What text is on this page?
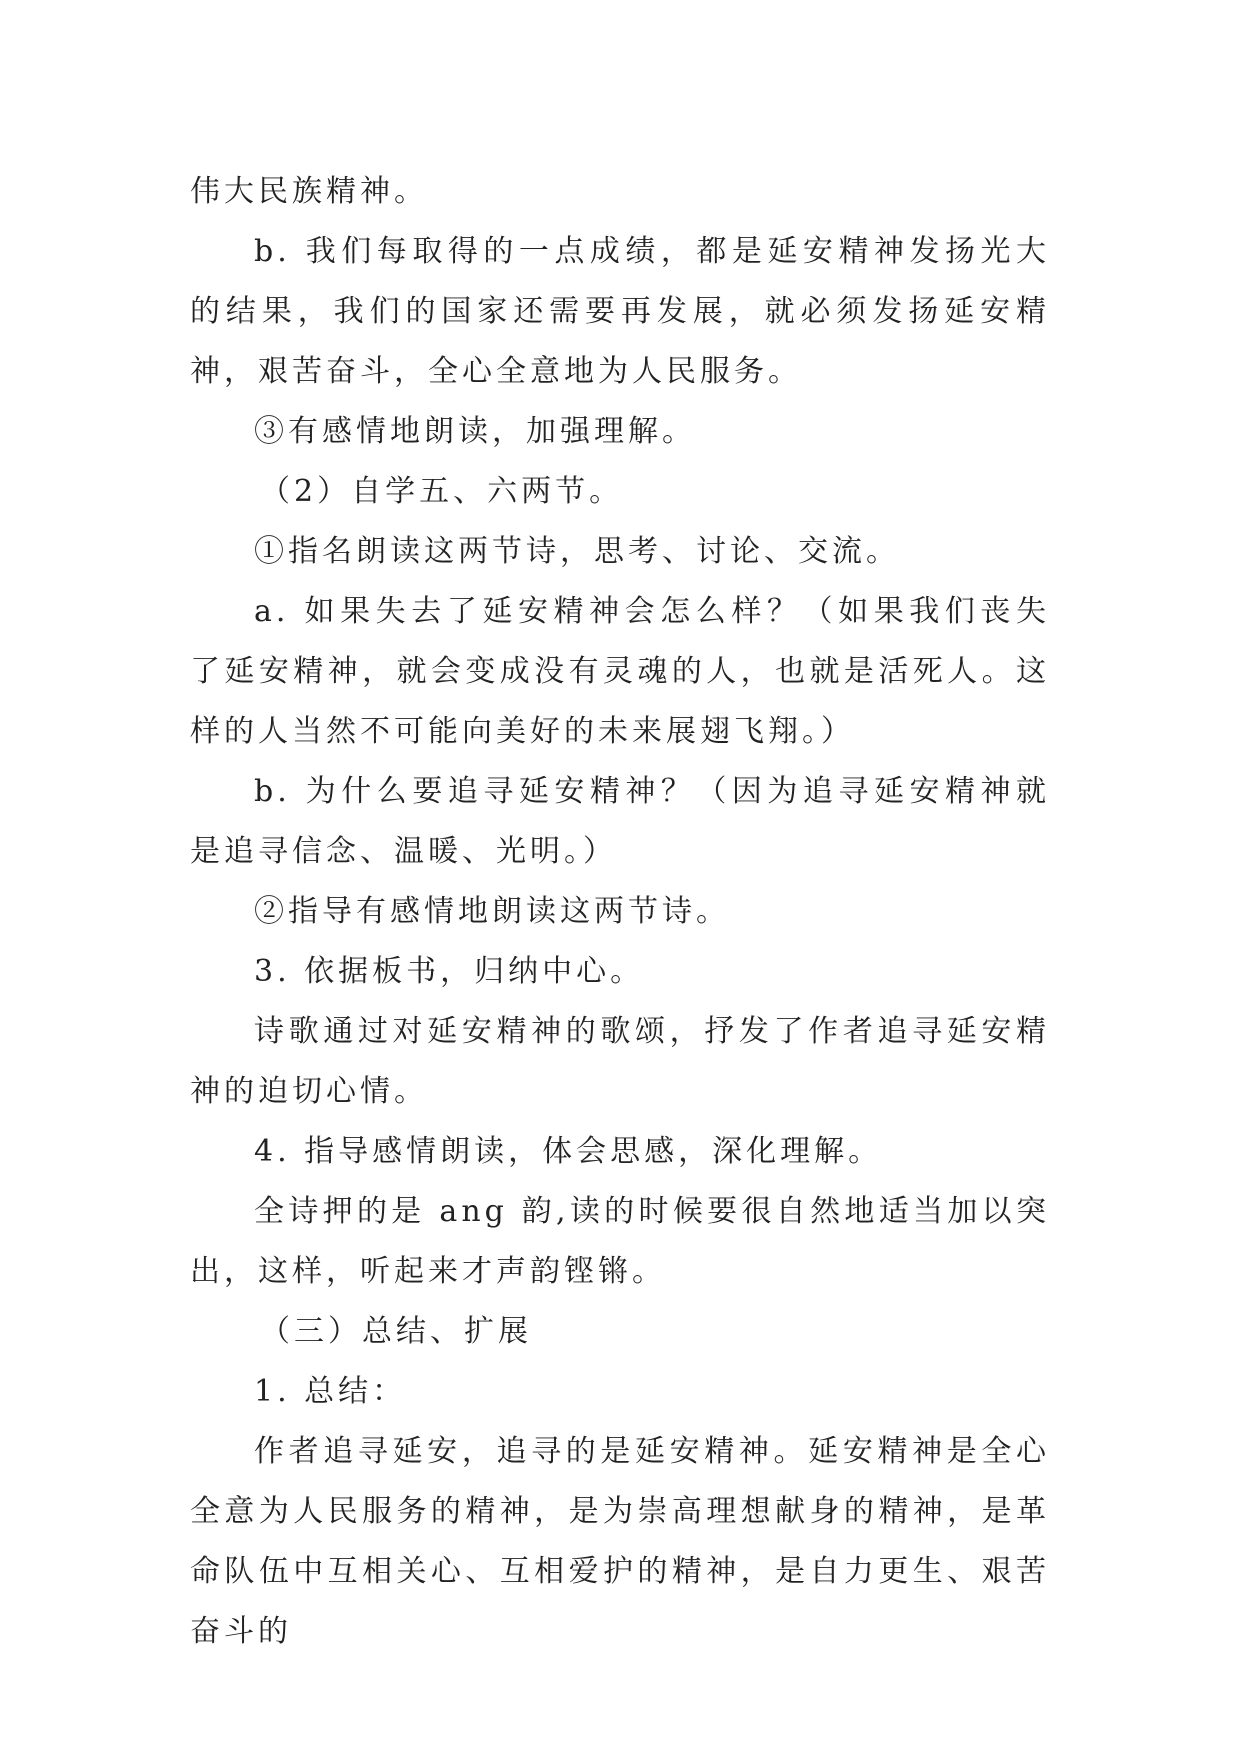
伟大民族精神。

b. 我们每取得的一点成绩，都是延安精神发扬光大的结果，我们的国家还需要再发展，就必须发扬延安精神，艰苦奋斗，全心全意地为人民服务。

③有感情地朗读，加强理解。

（2）自学五、六两节。

①指名朗读这两节诗，思考、讨论、交流。

a. 如果失去了延安精神会怎么样？（如果我们丧失了延安精神，就会变成没有灵魂的人，也就是活死人。这样的人当然不可能向美好的未来展翅飞翔。）

b. 为什么要追寻延安精神？（因为追寻延安精神就是追寻信念、温暖、光明。）

②指导有感情地朗读这两节诗。

3. 依据板书，归纳中心。

诗歌通过对延安精神的歌颂，抒发了作者追寻延安精神的迫切心情。

4. 指导感情朗读，体会思感，深化理解。

全诗押的是 ang 韵,读的时候要很自然地适当加以突出，这样，听起来才声韵铿锵。

（三）总结、扩展

1. 总结：

作者追寻延安，追寻的是延安精神。延安精神是全心全意为人民服务的精神，是为崇高理想献身的精神，是革命队伍中互相关心、互相爱护的精神，是自力更生、艰苦奋斗的
